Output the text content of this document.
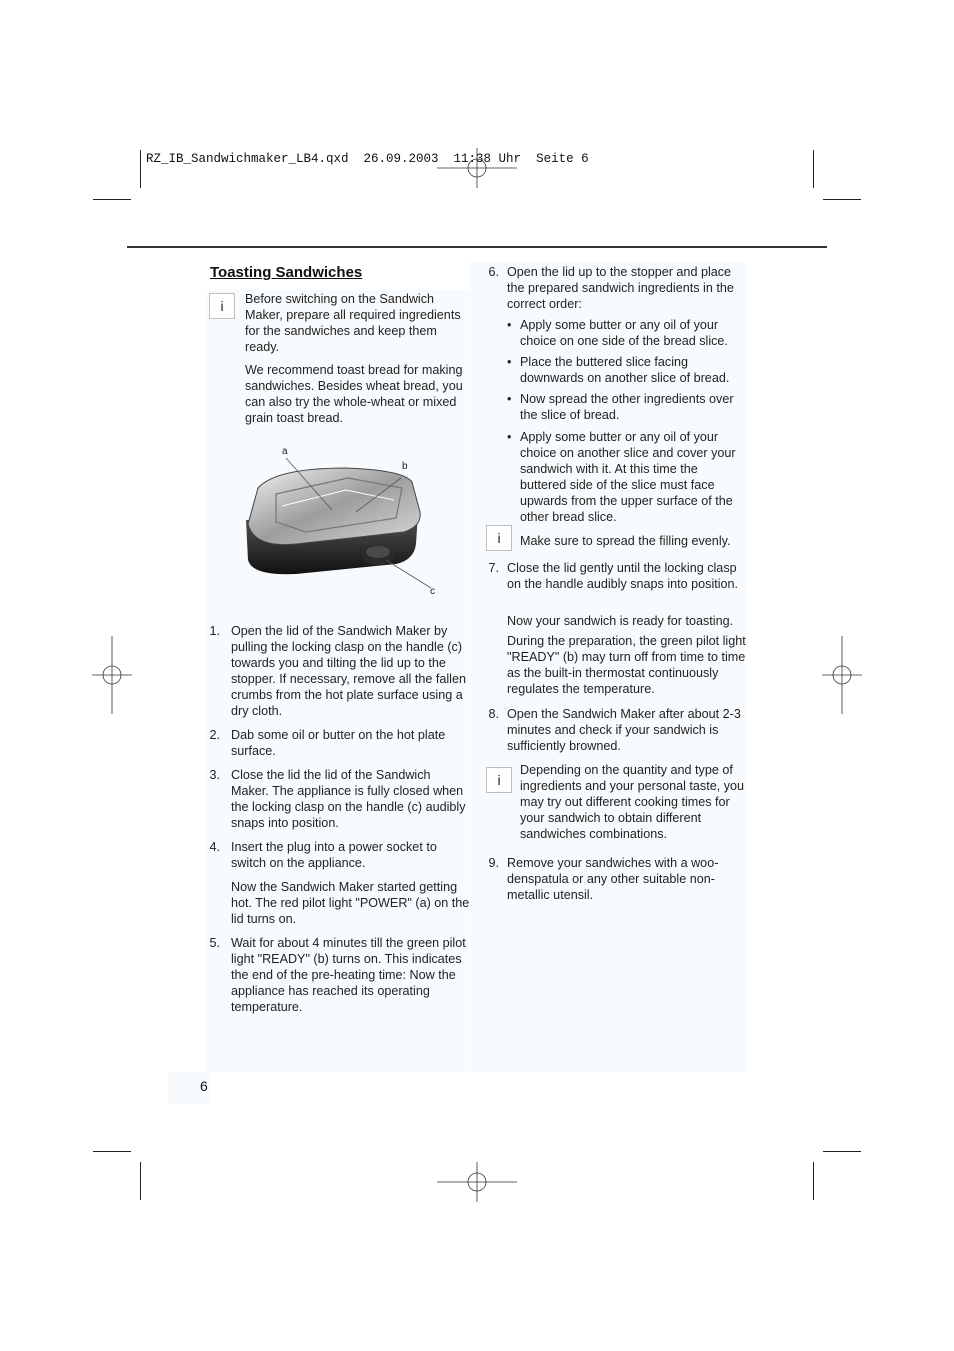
RZ_IB_Sandwichmaker_LB4.qxd  26.09.2003  11:38 Uhr  Seite 6
Toasting Sandwiches
i	Before switching on the Sandwich Maker, prepare all required ingredients for the sandwiches and keep them ready.

We recommend toast bread for making sandwiches. Besides wheat bread, you can also try the whole-wheat or mixed grain toast bread.

a
b
c
1. Open the lid of the Sandwich Maker by pulling the locking clasp on the handle (c) towards you and tilting the lid up to the stopper. If necessary, remove all the fallen crumbs from the hot plate surface using a dry cloth.
2. Dab some oil or butter on the hot plate surface.
3. Close the lid the lid of the Sandwich Maker. The appliance is fully closed when the locking clasp on the handle (c) audibly snaps into position.
4. Insert the plug into a power socket to switch on the appliance.
Now the Sandwich Maker started getting hot. The red pilot light "POWER" (a) on the lid turns on.
5. Wait for about 4 minutes till the green pilot light "READY" (b) turns on. This indicates the end of the pre-heating time: Now the appliance has reached its operating temperature.
6. Open the lid up to the stopper and place the prepared sandwich ingredients in the correct order:
• Apply some butter or any oil of your choice on one side of the bread slice.
• Place the buttered slice facing downwards on another slice of bread.
• Now spread the other ingredients over the slice of bread.
• Apply some butter or any oil of your choice on another slice and cover your sandwich with it. At this time the buttered side of the slice must face upwards from the upper surface of the other bread slice.
i	Make sure to spread the filling evenly.
7. Close the lid gently until the locking clasp on the handle audibly snaps into position.
Now your sandwich is ready for toasting.
During the preparation, the green pilot light "READY" (b) may turn off from time to time as the built-in thermostat continuously regulates the temperature.
8. Open the Sandwich Maker after about 2-3 minutes and check if your sandwich is sufficiently browned.
i
Depending on the quantity and type of ingredients and your personal taste, you may try out different cooking times for your sandwich to obtain different sandwiches combinations.
9. Remove your sandwiches with a woo-denspatula or any other suitable non-metallic utensil.
6
